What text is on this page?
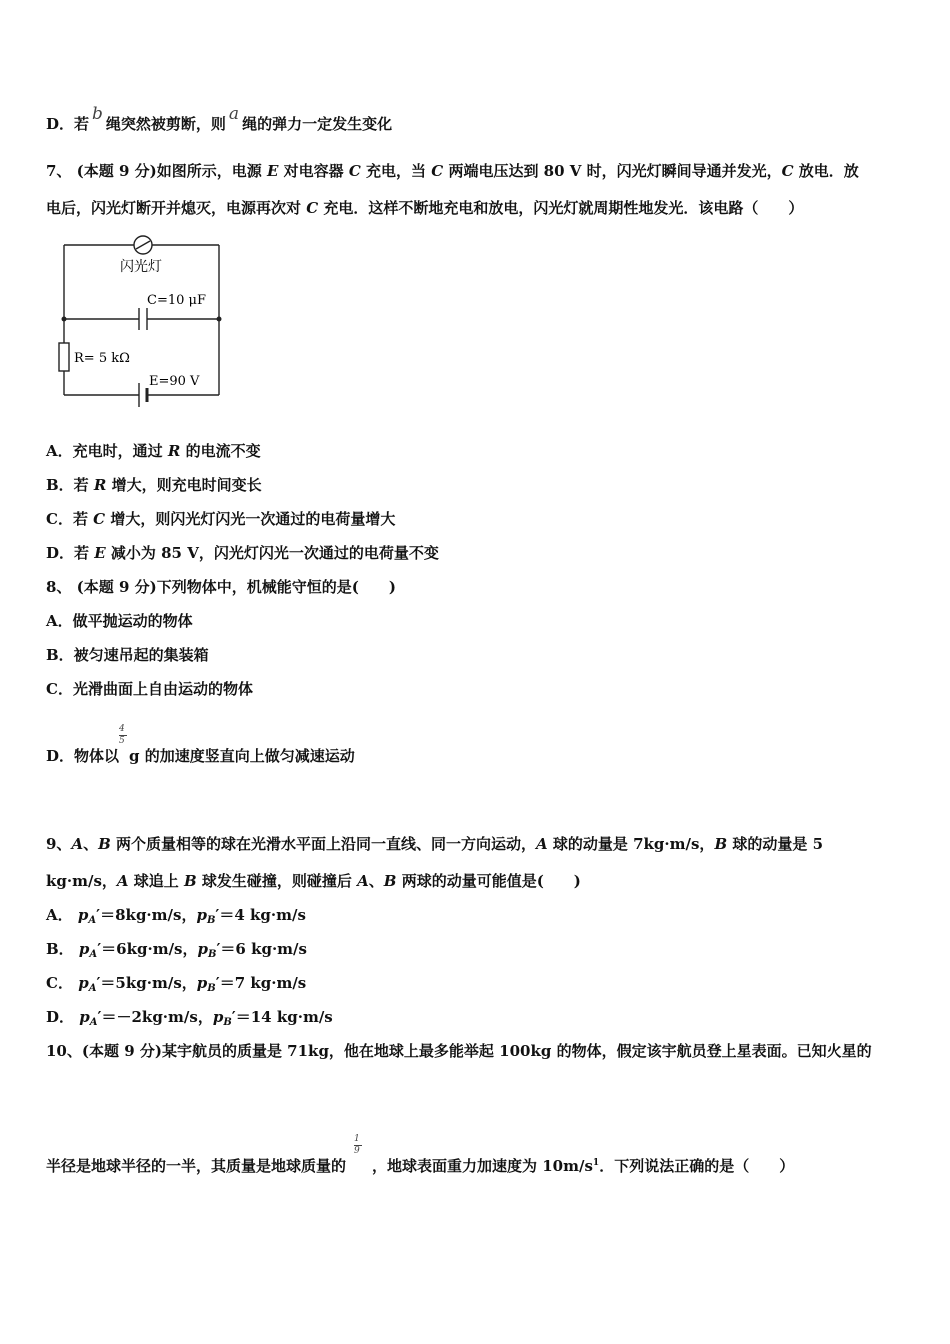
D．若 b 绳突然被剪断，则 a 绳的弹力一定发生变化
7、 (本题 9 分)如图所示，电源 E 对电容器 C 充电，当 C 两端电压达到 80 V 时，闪光灯瞬间导通并发光，C 放电．放
电后，闪光灯断开并熄灭，电源再次对 C 充电．这样不断地充电和放电，闪光灯就周期性地发光．该电路（　　）
闪光灯
C=10 μF
R= 5 kΩ
E=90 V
A．充电时，通过 R 的电流不变
B．若 R 增大，则充电时间变长
C．若 C 增大，则闪光灯闪光一次通过的电荷量增大
D．若 E 减小为 85 V，闪光灯闪光一次通过的电荷量不变
8、 (本题 9 分)下列物体中，机械能守恒的是(　　)
A．做平抛运动的物体
B．被匀速吊起的集装箱
C．光滑曲面上自由运动的物体
D．物体以 $\frac{4}{5}$ g 的加速度竖直向上做匀减速运动
9、A、B 两个质量相等的球在光滑水平面上沿同一直线、同一方向运动，A 球的动量是 7kg·m/s，B 球的动量是 5
kg·m/s，A 球追上 B 球发生碰撞，则碰撞后 A、B 两球的动量可能值是(　　)
A． $p_A'=8kg\cdot m/s$，$p_B'=4$ kg·m/s
B． $p_A'=6kg\cdot m/s$，$p_B'=6$ kg·m/s
C． $p_A'=5kg\cdot m/s$，$p_B'=7$ kg·m/s
D． $p_A'=-2kg\cdot m/s$，$p_B'=14$ kg·m/s
10、(本题 9 分)某宇航员的质量是 71kg，他在地球上最多能举起 100kg 的物体，假定该宇航员登上星表面。已知火星的
半径是地球半径的一半，其质量是地球质量的 $\frac{1}{9}$ ，地球表面重力加速度为 $10m/s^1$．下列说法正确的是（　　）
